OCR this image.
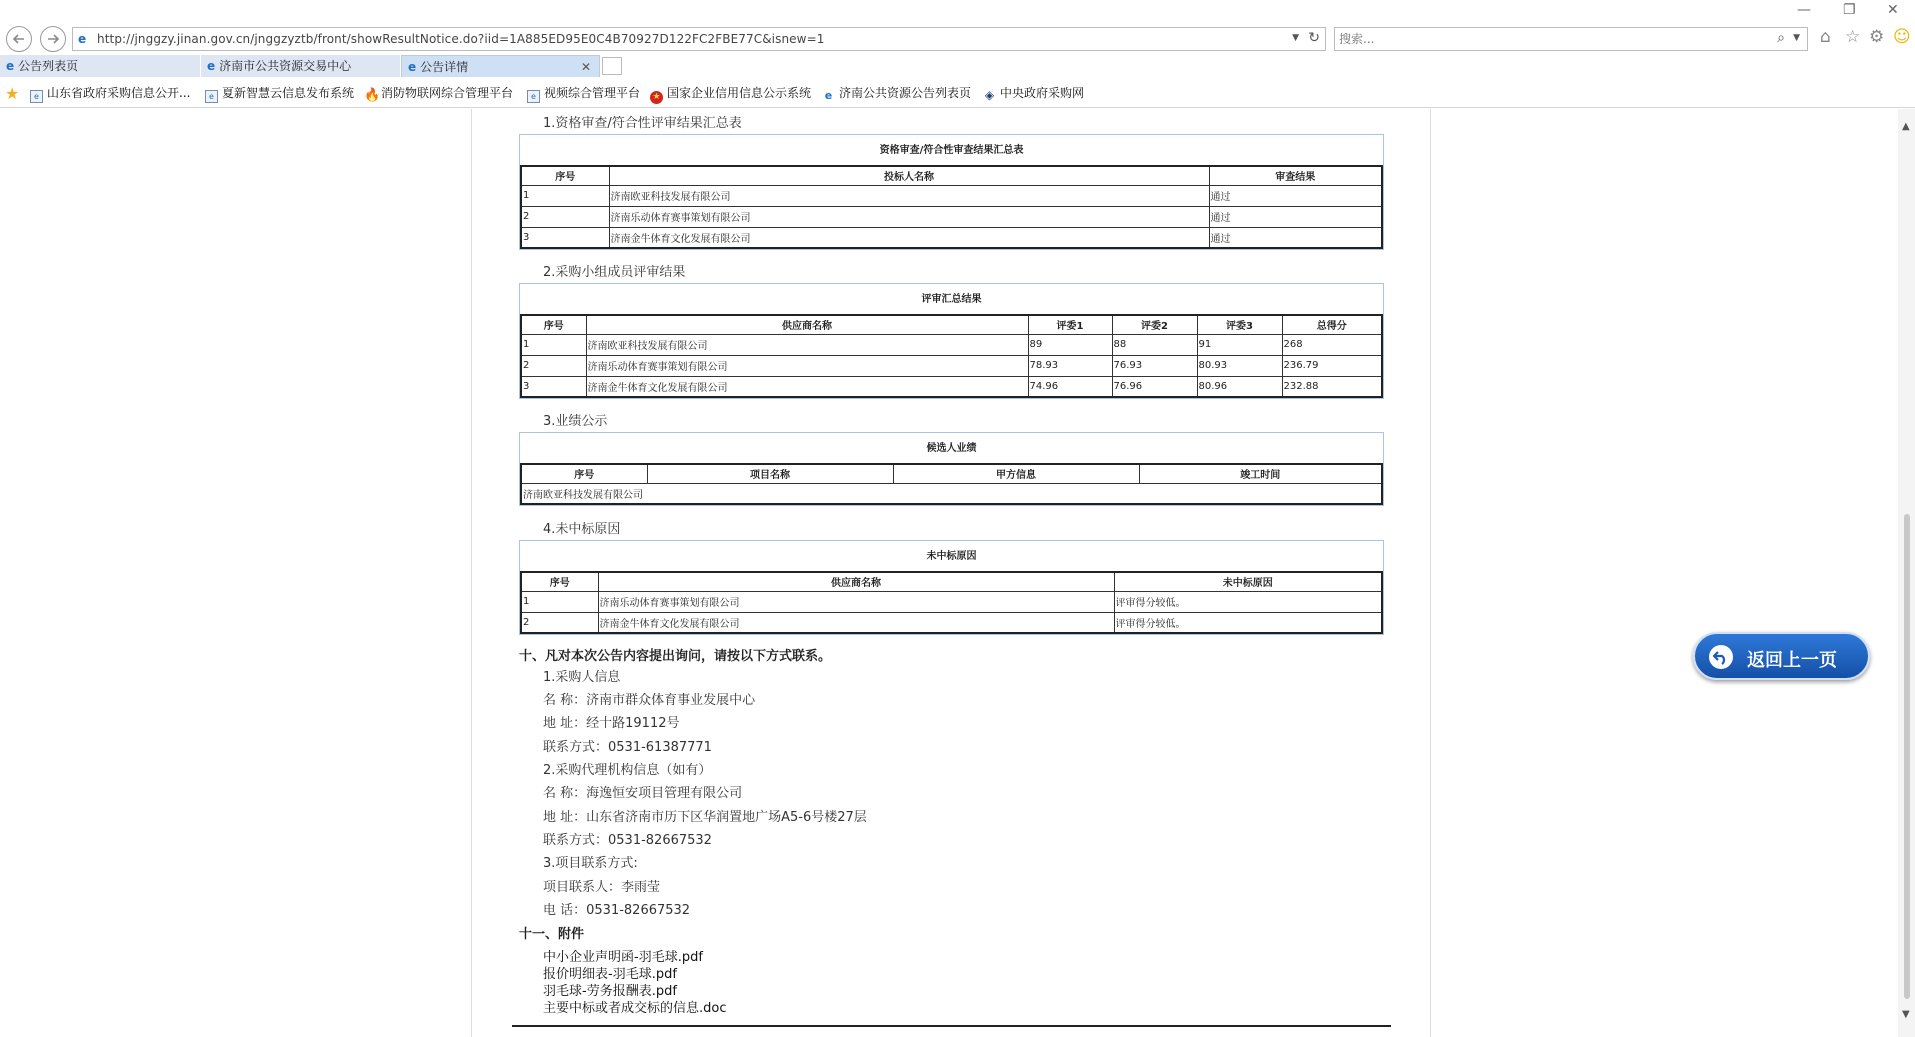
— ❐ ✕
e http://jnggzy.jinan.gov.cn/jnggzyztb/front/showResultNotice.do?iid=1A885ED95E0C4B70927D122FC2FBE77C&isnew=1	▼ ↻
搜索...	⌕ ▼ ⌂ ☆ ⚙ ☺
e 公告列表页	e 济南市公共资源交易中心	e 公告详情	✕
★	e 山东省政府采购信息公开...	e 夏新智慧云信息发布系统 🔥消防物联网综合管理平台	e 视频综合管理平台 ★ 国家企业信用信息公示系统 e 济南公共资源公告列表页 ◈ 中央政府采购网
1.资格审查/符合性评审结果汇总表
资格审查/符合性审查结果汇总表
序号	投标人名称	审查结果
1	济南欧亚科技发展有限公司	通过
2	济南乐动体育赛事策划有限公司	通过
3	济南金牛体育文化发展有限公司	通过
2.采购小组成员评审结果
评审汇总结果
序号	供应商名称	评委1	评委2	评委3	总得分
1	济南欧亚科技发展有限公司	89	88	91	268
2	济南乐动体育赛事策划有限公司	78.93	76.93	80.93	236.79
3	济南金牛体育文化发展有限公司	74.96	76.96	80.96	232.88
3.业绩公示
候选人业绩
序号	项目名称	甲方信息	竣工时间
济南欧亚科技发展有限公司
4.未中标原因
未中标原因
序号	供应商名称	未中标原因
1	济南乐动体育赛事策划有限公司	评审得分较低。
2	济南金牛体育文化发展有限公司	评审得分较低。
十、凡对本次公告内容提出询问，请按以下方式联系。
1.采购人信息
名 称：济南市群众体育事业发展中心
地 址：经十路19112号
联系方式：0531-61387771
2.采购代理机构信息（如有）
名 称：海逸恒安项目管理有限公司
地 址：山东省济南市历下区华润置地广场A5-6号楼27层
联系方式：0531-82667532
3.项目联系方式:
项目联系人：李雨莹
电 话：0531-82667532
十一、附件
中小企业声明函-羽毛球.pdf
报价明细表-羽毛球.pdf
羽毛球-劳务报酬表.pdf
主要中标或者成交标的信息.doc
返回上一页
▲
▼
